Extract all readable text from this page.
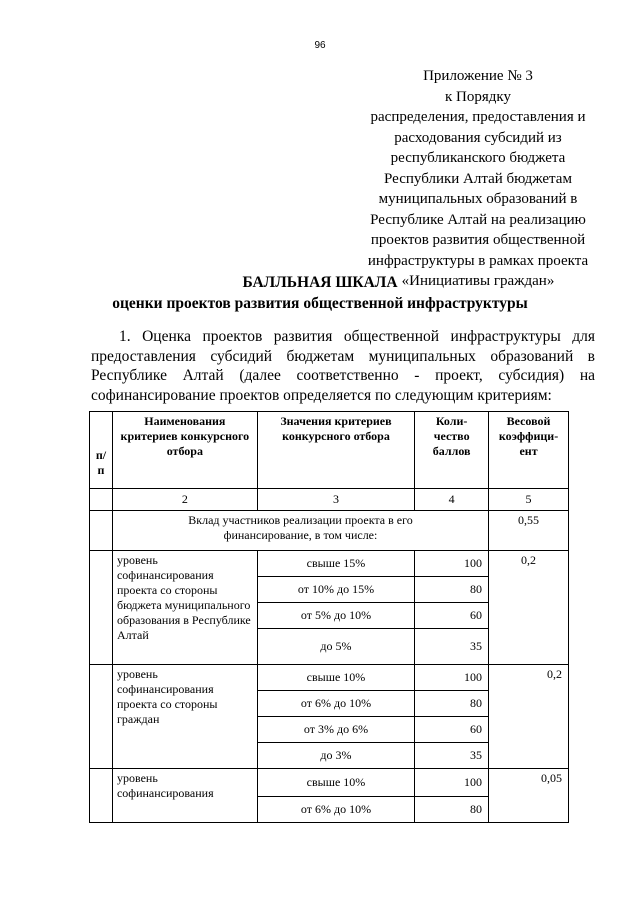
96
Приложение № 3
к Порядку
распределения, предоставления и
расходования субсидий из
республиканского бюджета
Республики Алтай бюджетам
муниципальных образований в
Республике Алтай на реализацию
проектов развития общественной
инфраструктуры в рамках проекта
«Инициативы граждан»
БАЛЛЬНАЯ ШКАЛА
оценки проектов развития общественной инфраструктуры
1. Оценка проектов развития общественной инфраструктуры для
предоставления субсидий бюджетам муниципальных образований в
Республике Алтай (далее соответственно - проект, субсидия) на
софинансирование проектов определяется по следующим критериям:
п/ п	Наименования критериев конкурсного отбора	Значения критериев конкурсного отбора	Коли-чество баллов	Весовой коэффици-ент
	2	3	4	5
	Вклад участников реализации проекта в его финансирование, в том числе:			0,55
	уровень софинансирования проекта со стороны бюджета муниципального образования в Республике Алтай	свыше 15%	100	0,2
		от 10% до 15%	80	
		от 5% до 10%	60	
		до 5%	35	
	уровень софинансирования проекта со стороны граждан	свыше 10%	100	0,2
		от 6% до 10%	80	
		от 3% до 6%	60	
		до 3%	35	
	уровень софинансирования	свыше 10%	100	0,05
		от 6% до 10%	80	
